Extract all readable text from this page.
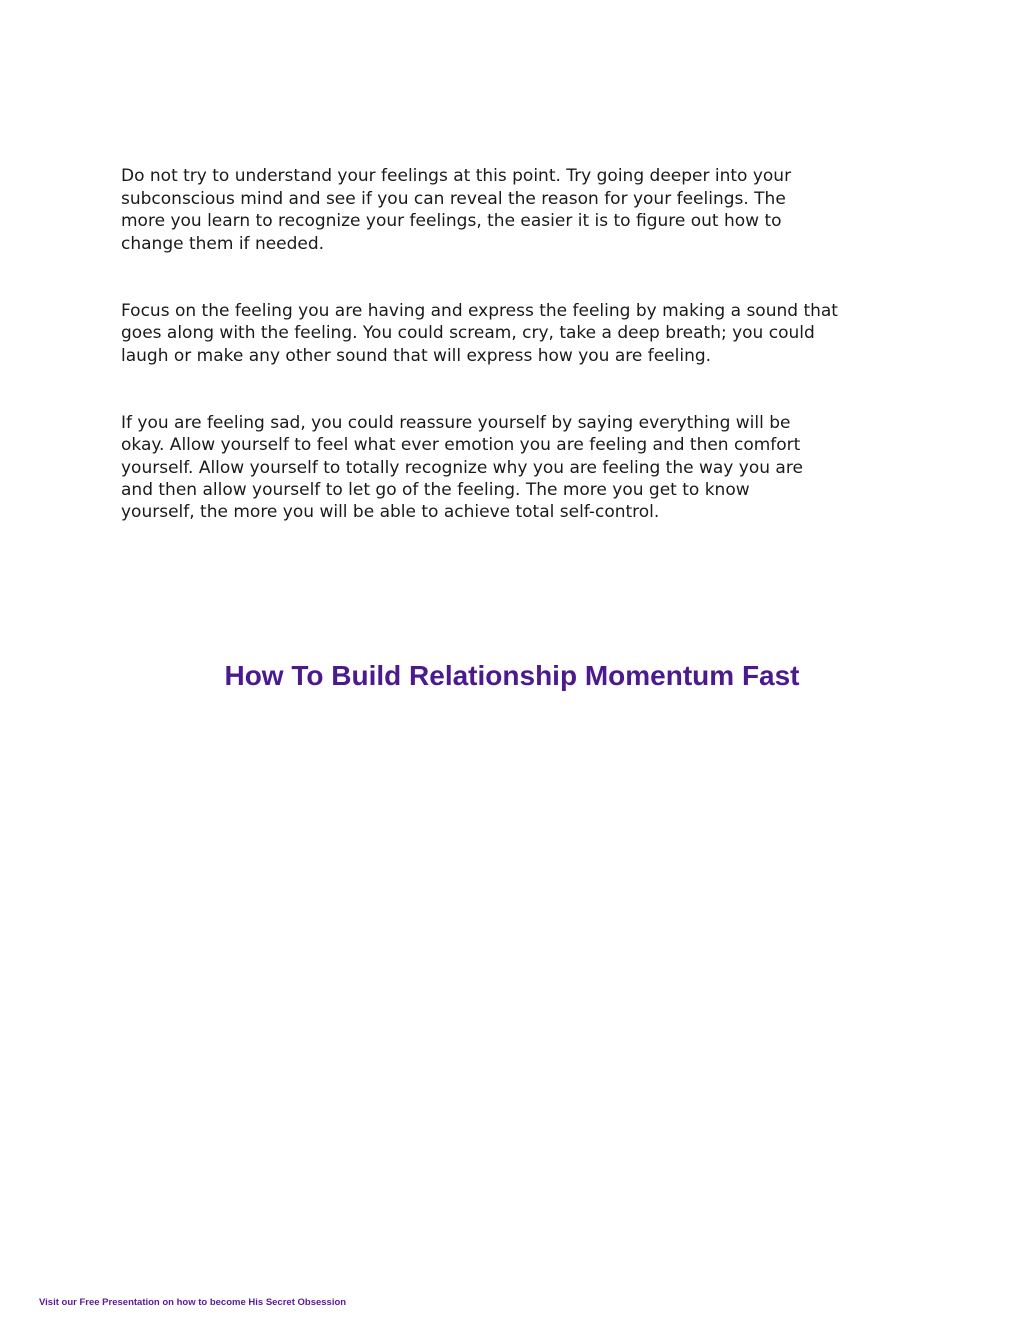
Do not try to understand your feelings at this point. Try going deeper into your
subconscious mind and see if you can reveal the reason for your feelings. The
more you learn to recognize your feelings, the easier it is to figure out how to
change them if needed.

Focus on the feeling you are having and express the feeling by making a sound that
goes along with the feeling. You could scream, cry, take a deep breath; you could
laugh or make any other sound that will express how you are feeling.

If you are feeling sad, you could reassure yourself by saying everything will be
okay. Allow yourself to feel what ever emotion you are feeling and then comfort
yourself. Allow yourself to totally recognize why you are feeling the way you are
and then allow yourself to let go of the feeling. The more you get to know
yourself, the more you will be able to achieve total self-control.

How To Build Relationship Momentum Fast
Visit our Free Presentation on how to become His Secret Obsession
